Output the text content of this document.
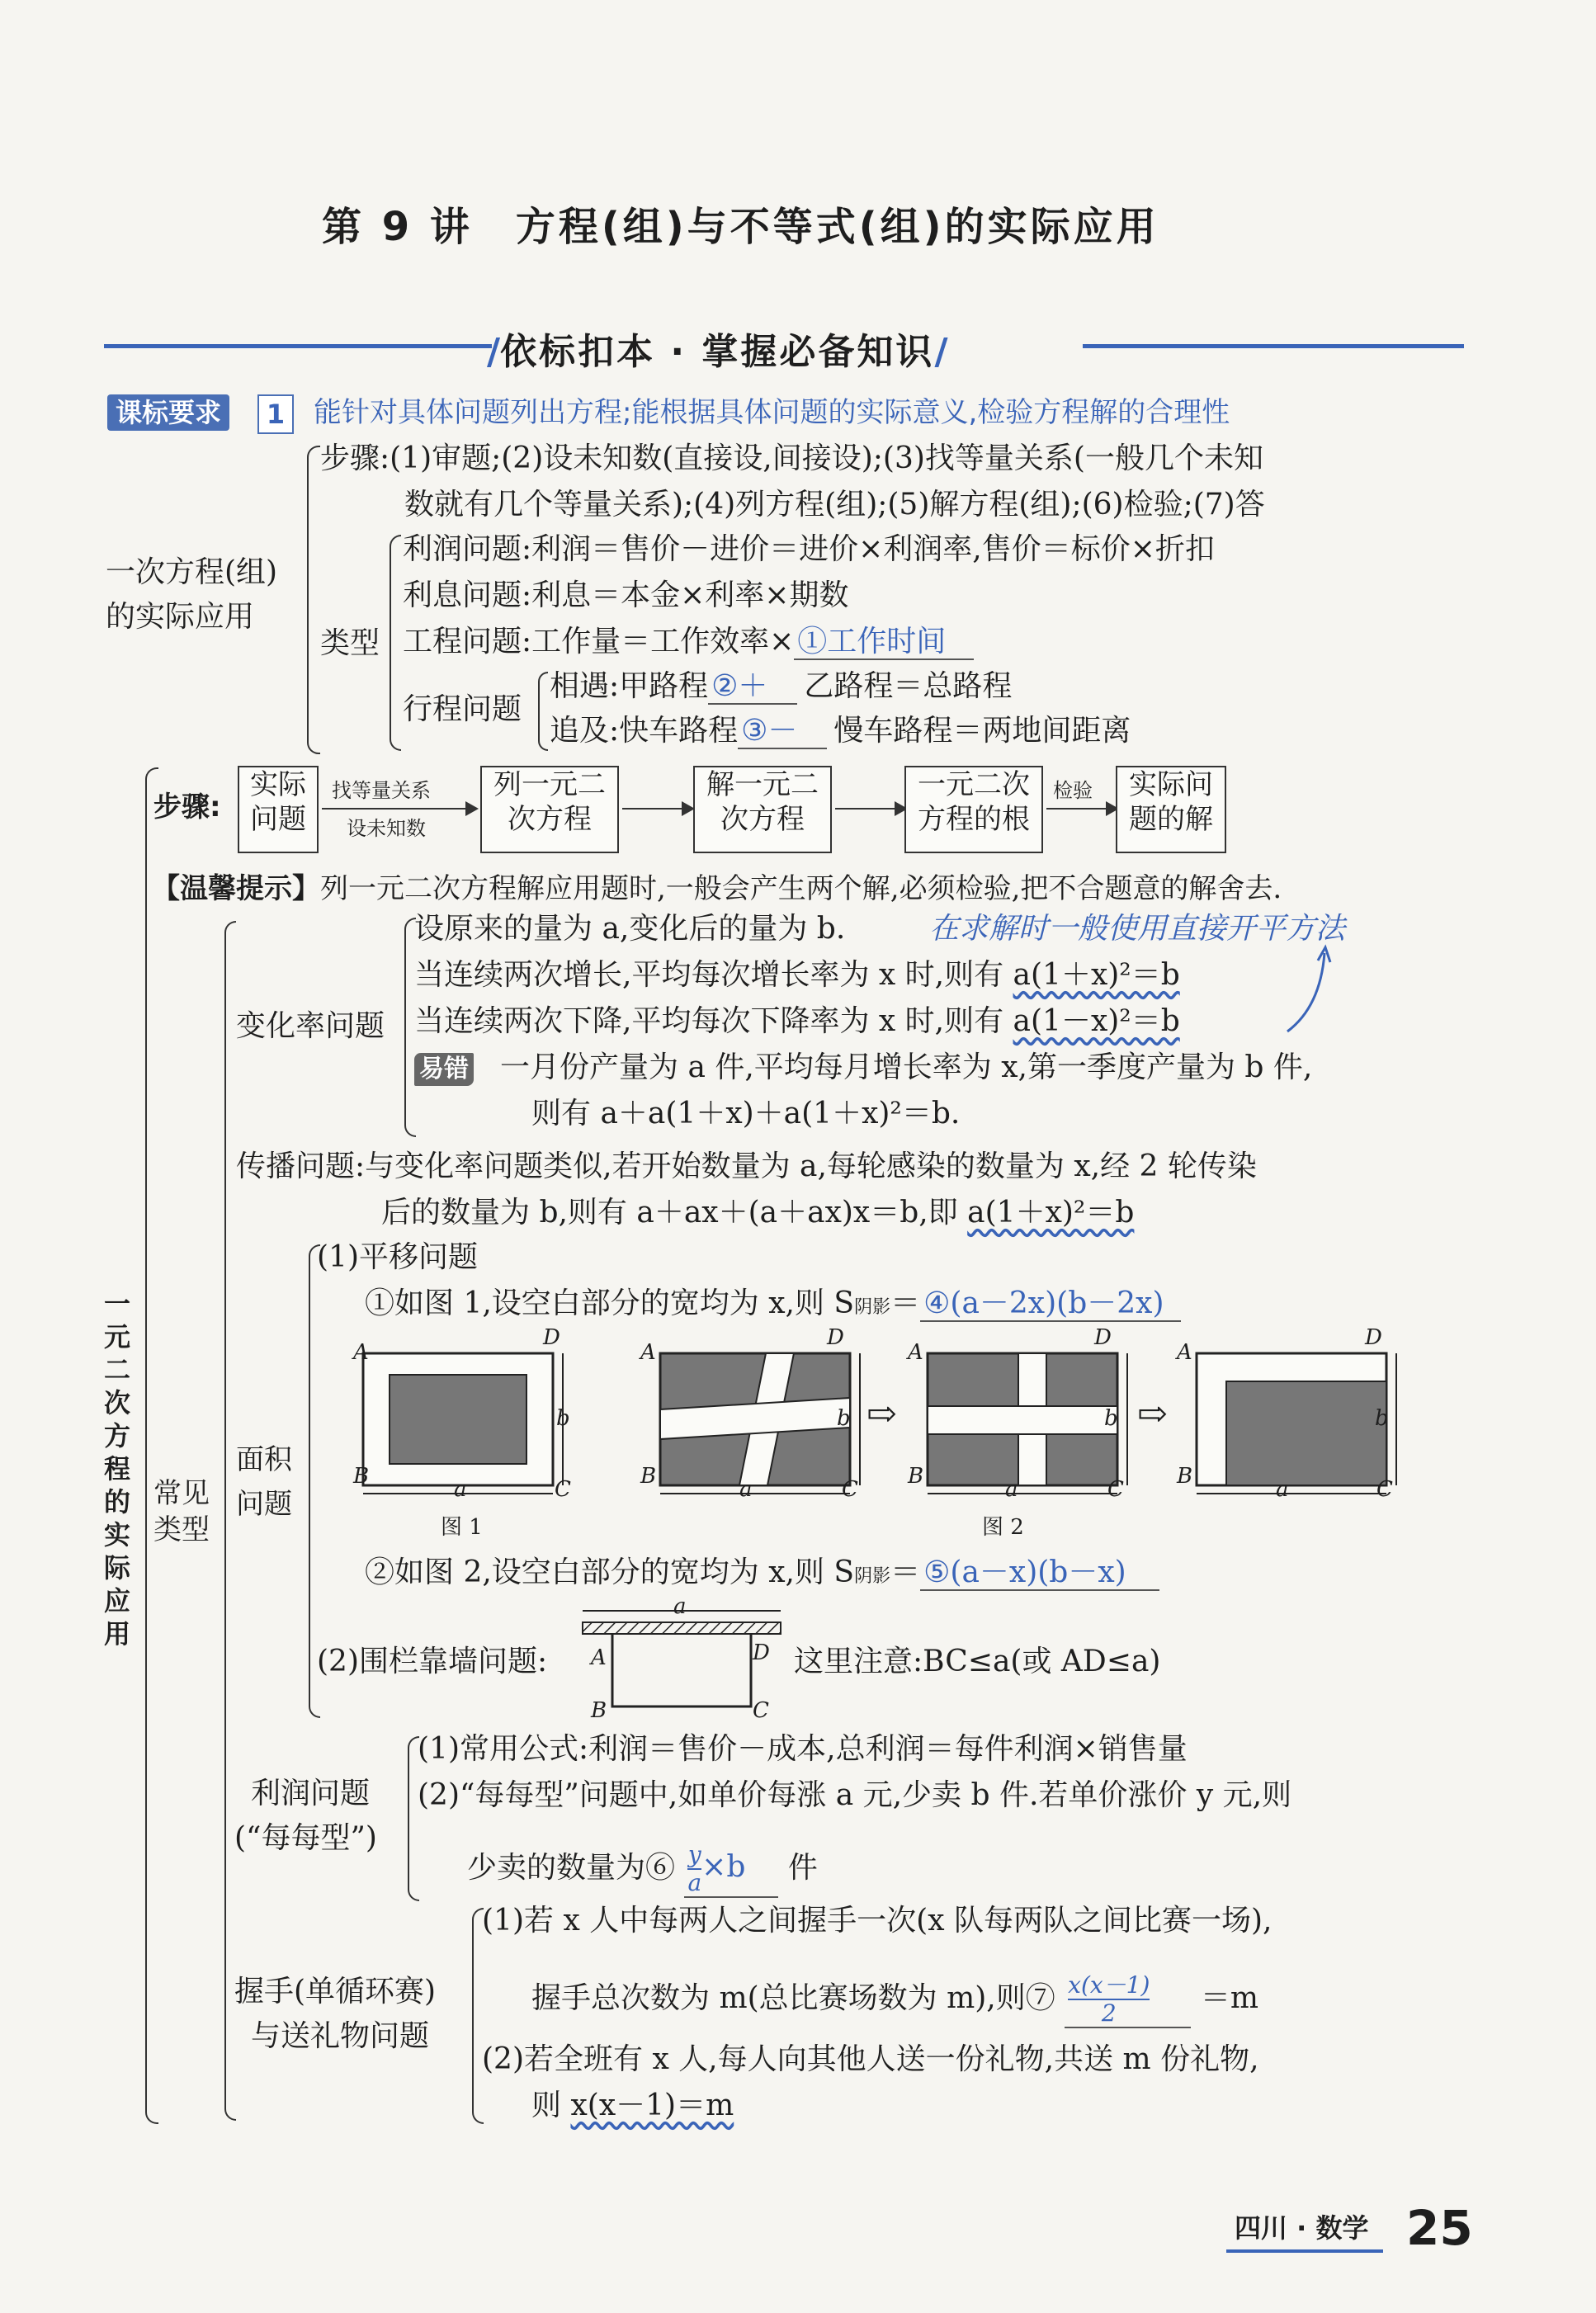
第 9 讲　方程(组)与不等式(组)的实际应用
/依标扣本 · 掌握必备知识/
课标要求	1	能针对具体问题列出方程;能根据具体问题的实际意义,检验方程解的合理性
一次方程(组)
的实际应用
步骤:(1)审题;(2)设未知数(直接设,间接设);(3)找等量关系(一般几个未知
数就有几个等量关系);(4)列方程(组);(5)解方程(组);(6)检验;(7)答
类型
利润问题:利润＝售价－进价＝进价×利润率,售价＝标价×折扣
利息问题:利息＝本金×利率×期数
工程问题:工作量＝工作效率× ①工作时间
行程问题
相遇:甲路程 ②＋ 乙路程＝总路程
追及:快车路程 ③－ 慢车路程＝两地间距离
一元二次方程的实际应用
步骤:
实际
问题
找等量关系
设未知数
列一元二
次方程
解一元二
次方程
一元二次
方程的根
检验	实际问
题的解
【温馨提示】列一元二次方程解应用题时,一般会产生两个解,必须检验,把不合题意的解舍去.
常见类型
变化率问题
设原来的量为 a,变化后的量为 b.	在求解时一般使用直接开平方法
当连续两次增长,平均每次增长率为 x 时,则有 a(1＋x)²＝b
当连续两次下降,平均每次下降率为 x 时,则有 a(1－x)²＝b
易错 一月份产量为 a 件,平均每月增长率为 x,第一季度产量为 b 件,
则有 a＋a(1＋x)＋a(1＋x)²＝b.
传播问题:与变化率问题类似,若开始数量为 a,每轮感染的数量为 x,经 2 轮传染
后的数量为 b,则有 a＋ax＋(a＋ax)x＝b,即 a(1＋x)²＝b
面积问题
(1)平移问题
①如图 1,设空白部分的宽均为 x,则 S阴影＝ ④(a－2x)(b－2x)
A
D
B
C
a
b
图 1
A
D
B
C
a
b ⇨
A
D
B
C
a
b
图 2
⇨
A
D
B
C
a
b
②如图 2,设空白部分的宽均为 x,则 S阴影＝ ⑤(a－x)(b－x)
(2)围栏靠墙问题:
a
A	D
B	C
这里注意:BC≤a(或 AD≤a)
利润问题
(“每每型”)
(1)常用公式:利润＝售价－成本,总利润＝每件利润×销售量
(2)“每每型”问题中,如单价每涨 a 元,少卖 b 件.若单价涨价 y 元,则
少卖的数量为⑥ $\frac{y}{a} \times b$ 件
握手(单循环赛)
与送礼物问题
(1)若 x 人中每两人之间握手一次(x 队每两队之间比赛一场),
握手总次数为 m(总比赛场数为 m),则⑦ $\frac{x(x-1)}{2} =m$
(2)若全班有 x 人,每人向其他人送一份礼物,共送 m 份礼物,
则 x(x－1)＝m
四川 · 数学 25
